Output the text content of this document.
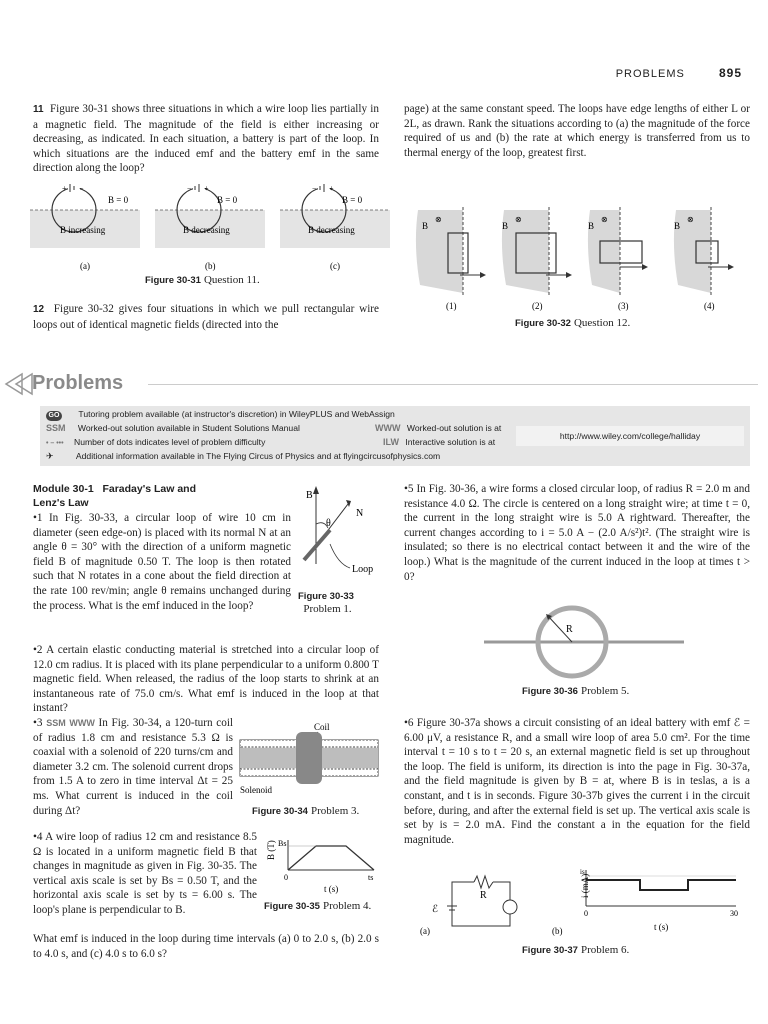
PROBLEMS	895
11 Figure 30-31 shows three situations in which a wire loop lies partially in a magnetic field. The magnitude of the field is either increasing or decreasing, as indicated. In each situation, a battery is part of the loop. In which situations are the induced emf and the battery emf in the same direction along the loop?
+ −
B = 0
B increasing
(a)
− +
B = 0
B decreasing
(b)
− +
B = 0
B decreasing
(c)
Figure 30-31 Question 11.
12 Figure 30-32 gives four situations in which we pull rectangular wire loops out of identical magnetic fields (directed into the
page) at the same constant speed. The loops have edge lengths of either L or 2L, as drawn. Rank the situations according to (a) the magnitude of the force required of us and (b) the rate at which energy is transferred from us to thermal energy of the loop, greatest first.
B
⊗
(1)
B
⊗
(2)
B
⊗
(3)
B
⊗
(4)
Figure 30-32 Question 12.
Problems
GO Tutoring problem available (at instructor's discretion) in WileyPLUS and WebAssign
SSM Worked-out solution available in Student Solutions Manual
• – ••• Number of dots indicates level of problem difficulty
✈	Additional information available in The Flying Circus of Physics and at flyingcircusofphysics.com
WWW Worked-out solution is at
ILW Interactive solution is at
http://www.wiley.com/college/halliday
Module 30-1 Faraday's Law and
Lenz's Law
•1 In Fig. 30-33, a circular loop of wire 10 cm in diameter (seen edge-on) is placed with its normal N at an angle θ = 30° with the direction of a uniform magnetic field B of magnitude 0.50 T. The loop is then rotated such that N rotates in a cone about the field direction at the rate 100 rev/min; angle θ remains unchanged during the process. What is the emf induced in the loop?
B
N
θ
Loop
Figure 30-33
Problem 1.
•2 A certain elastic conducting material is stretched into a circular loop of 12.0 cm radius. It is placed with its plane perpendicular to a uniform 0.800 T magnetic field. When released, the radius of the loop starts to shrink at an instantaneous rate of 75.0 cm/s. What emf is induced in the loop at that instant?
•3 SSM WWW In Fig. 30-34, a 120-turn coil of radius 1.8 cm and resistance 5.3 Ω is coaxial with a solenoid of 220 turns/cm and diameter 3.2 cm. The solenoid current drops from 1.5 A to zero in time interval Δt = 25 ms. What current is induced in the coil during Δt?
Coil
Solenoid
Figure 30-34 Problem 3.
•4 A wire loop of radius 12 cm and resistance 8.5 Ω is located in a uniform magnetic field B that changes in magnitude as given in Fig. 30-35. The vertical axis scale is set by Bs = 0.50 T, and the horizontal axis scale is set by ts = 6.00 s. The loop's plane is perpendicular to B.
What emf is induced in the loop during time intervals (a) 0 to 2.0 s, (b) 2.0 s to 4.0 s, and (c) 4.0 s to 6.0 s?
B (T) Bs
0	ts
t (s)
Figure 30-35 Problem 4.
•5 In Fig. 30-36, a wire forms a closed circular loop, of radius R = 2.0 m and resistance 4.0 Ω. The circle is centered on a long straight wire; at time t = 0, the current in the long straight wire is 5.0 A rightward. Thereafter, the current changes according to i = 5.0 A − (2.0 A/s²)t². (The straight wire is insulated; so there is no electrical contact between it and the wire of the loop.) What is the magnitude of the current induced in the loop at times t > 0?
R
Figure 30-36 Problem 5.
•6 Figure 30-37a shows a circuit consisting of an ideal battery with emf ℰ = 6.00 μV, a resistance R, and a small wire loop of area 5.0 cm². For the time interval t = 10 s to t = 20 s, an external magnetic field is set up throughout the loop. The field is uniform, its direction is into the page in Fig. 30-37a, and the field magnitude is given by B = at, where B is in teslas, a is a constant, and t is in seconds. Figure 30-37b gives the current i in the circuit before, during, and after the external field is set up. The vertical axis scale is set by is = 2.0 mA. Find the constant a in the equation for the field magnitude.
ℰ
R
(a)
i (mA)
is
0	30
t (s)
(b)
Figure 30-37 Problem 6.
